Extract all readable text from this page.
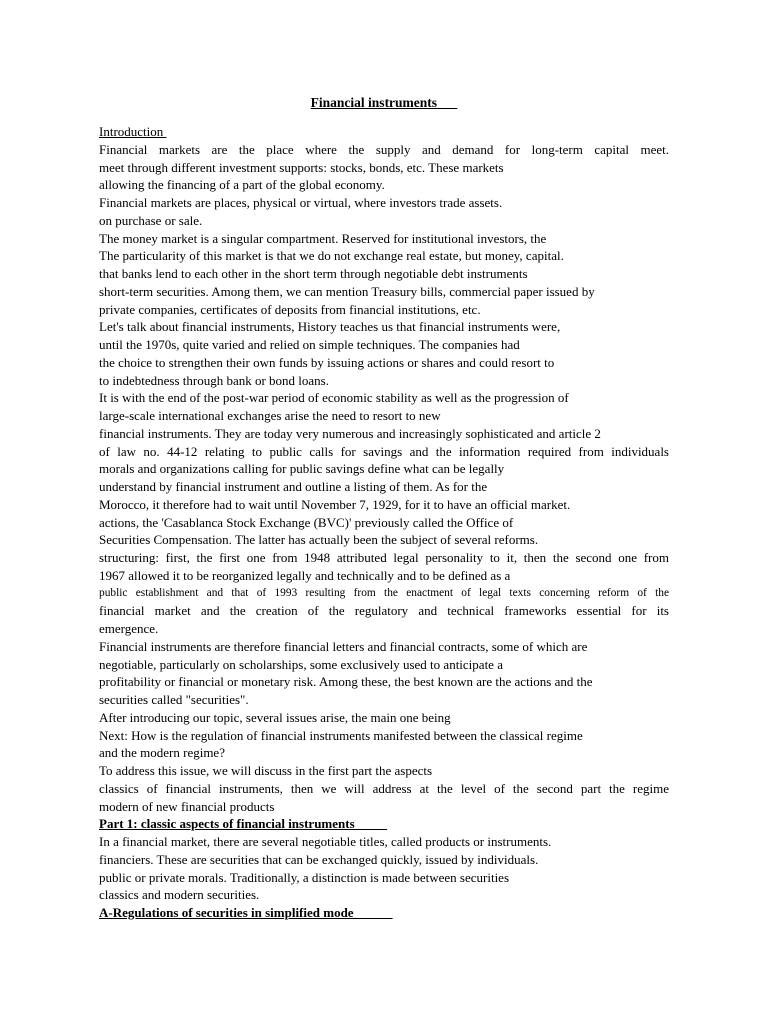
Financial instruments
Introduction
Financial markets are the place where the supply and demand for long-term capital meet.
meet through different investment supports: stocks, bonds, etc. These markets
allowing the financing of a part of the global economy.
Financial markets are places, physical or virtual, where investors trade assets.
on purchase or sale.
The money market is a singular compartment. Reserved for institutional investors, the
The particularity of this market is that we do not exchange real estate, but money, capital.
that banks lend to each other in the short term through negotiable debt instruments
short-term securities. Among them, we can mention Treasury bills, commercial paper issued by
private companies, certificates of deposits from financial institutions, etc.
Let's talk about financial instruments, History teaches us that financial instruments were,
until the 1970s, quite varied and relied on simple techniques. The companies had
the choice to strengthen their own funds by issuing actions or shares and could resort to
to indebtedness through bank or bond loans.
It is with the end of the post-war period of economic stability as well as the progression of
large-scale international exchanges arise the need to resort to new
financial instruments. They are today very numerous and increasingly sophisticated and article 2
of law no. 44-12 relating to public calls for savings and the information required from individuals
morals and organizations calling for public savings define what can be legally
understand by financial instrument and outline a listing of them. As for the
Morocco, it therefore had to wait until November 7, 1929, for it to have an official market.
actions, the 'Casablanca Stock Exchange (BVC)' previously called the Office of
Securities Compensation. The latter has actually been the subject of several reforms.
structuring: first, the first one from 1948 attributed legal personality to it, then the second one from
1967 allowed it to be reorganized legally and technically and to be defined as a
public establishment and that of 1993 resulting from the enactment of legal texts concerning reform of the
financial market and the creation of the regulatory and technical frameworks essential for its
emergence.
Financial instruments are therefore financial letters and financial contracts, some of which are
negotiable, particularly on scholarships, some exclusively used to anticipate a
profitability or financial or monetary risk. Among these, the best known are the actions and the
securities called "securities".
After introducing our topic, several issues arise, the main one being
Next: How is the regulation of financial instruments manifested between the classical regime
and the modern regime?
To address this issue, we will discuss in the first part the aspects
classics of financial instruments, then we will address at the level of the second part the regime
modern of new financial products
Part 1: classic aspects of financial instruments
In a financial market, there are several negotiable titles, called products or instruments.
financiers. These are securities that can be exchanged quickly, issued by individuals.
public or private morals. Traditionally, a distinction is made between securities
classics and modern securities.
A-Regulations of securities in simplified mode
